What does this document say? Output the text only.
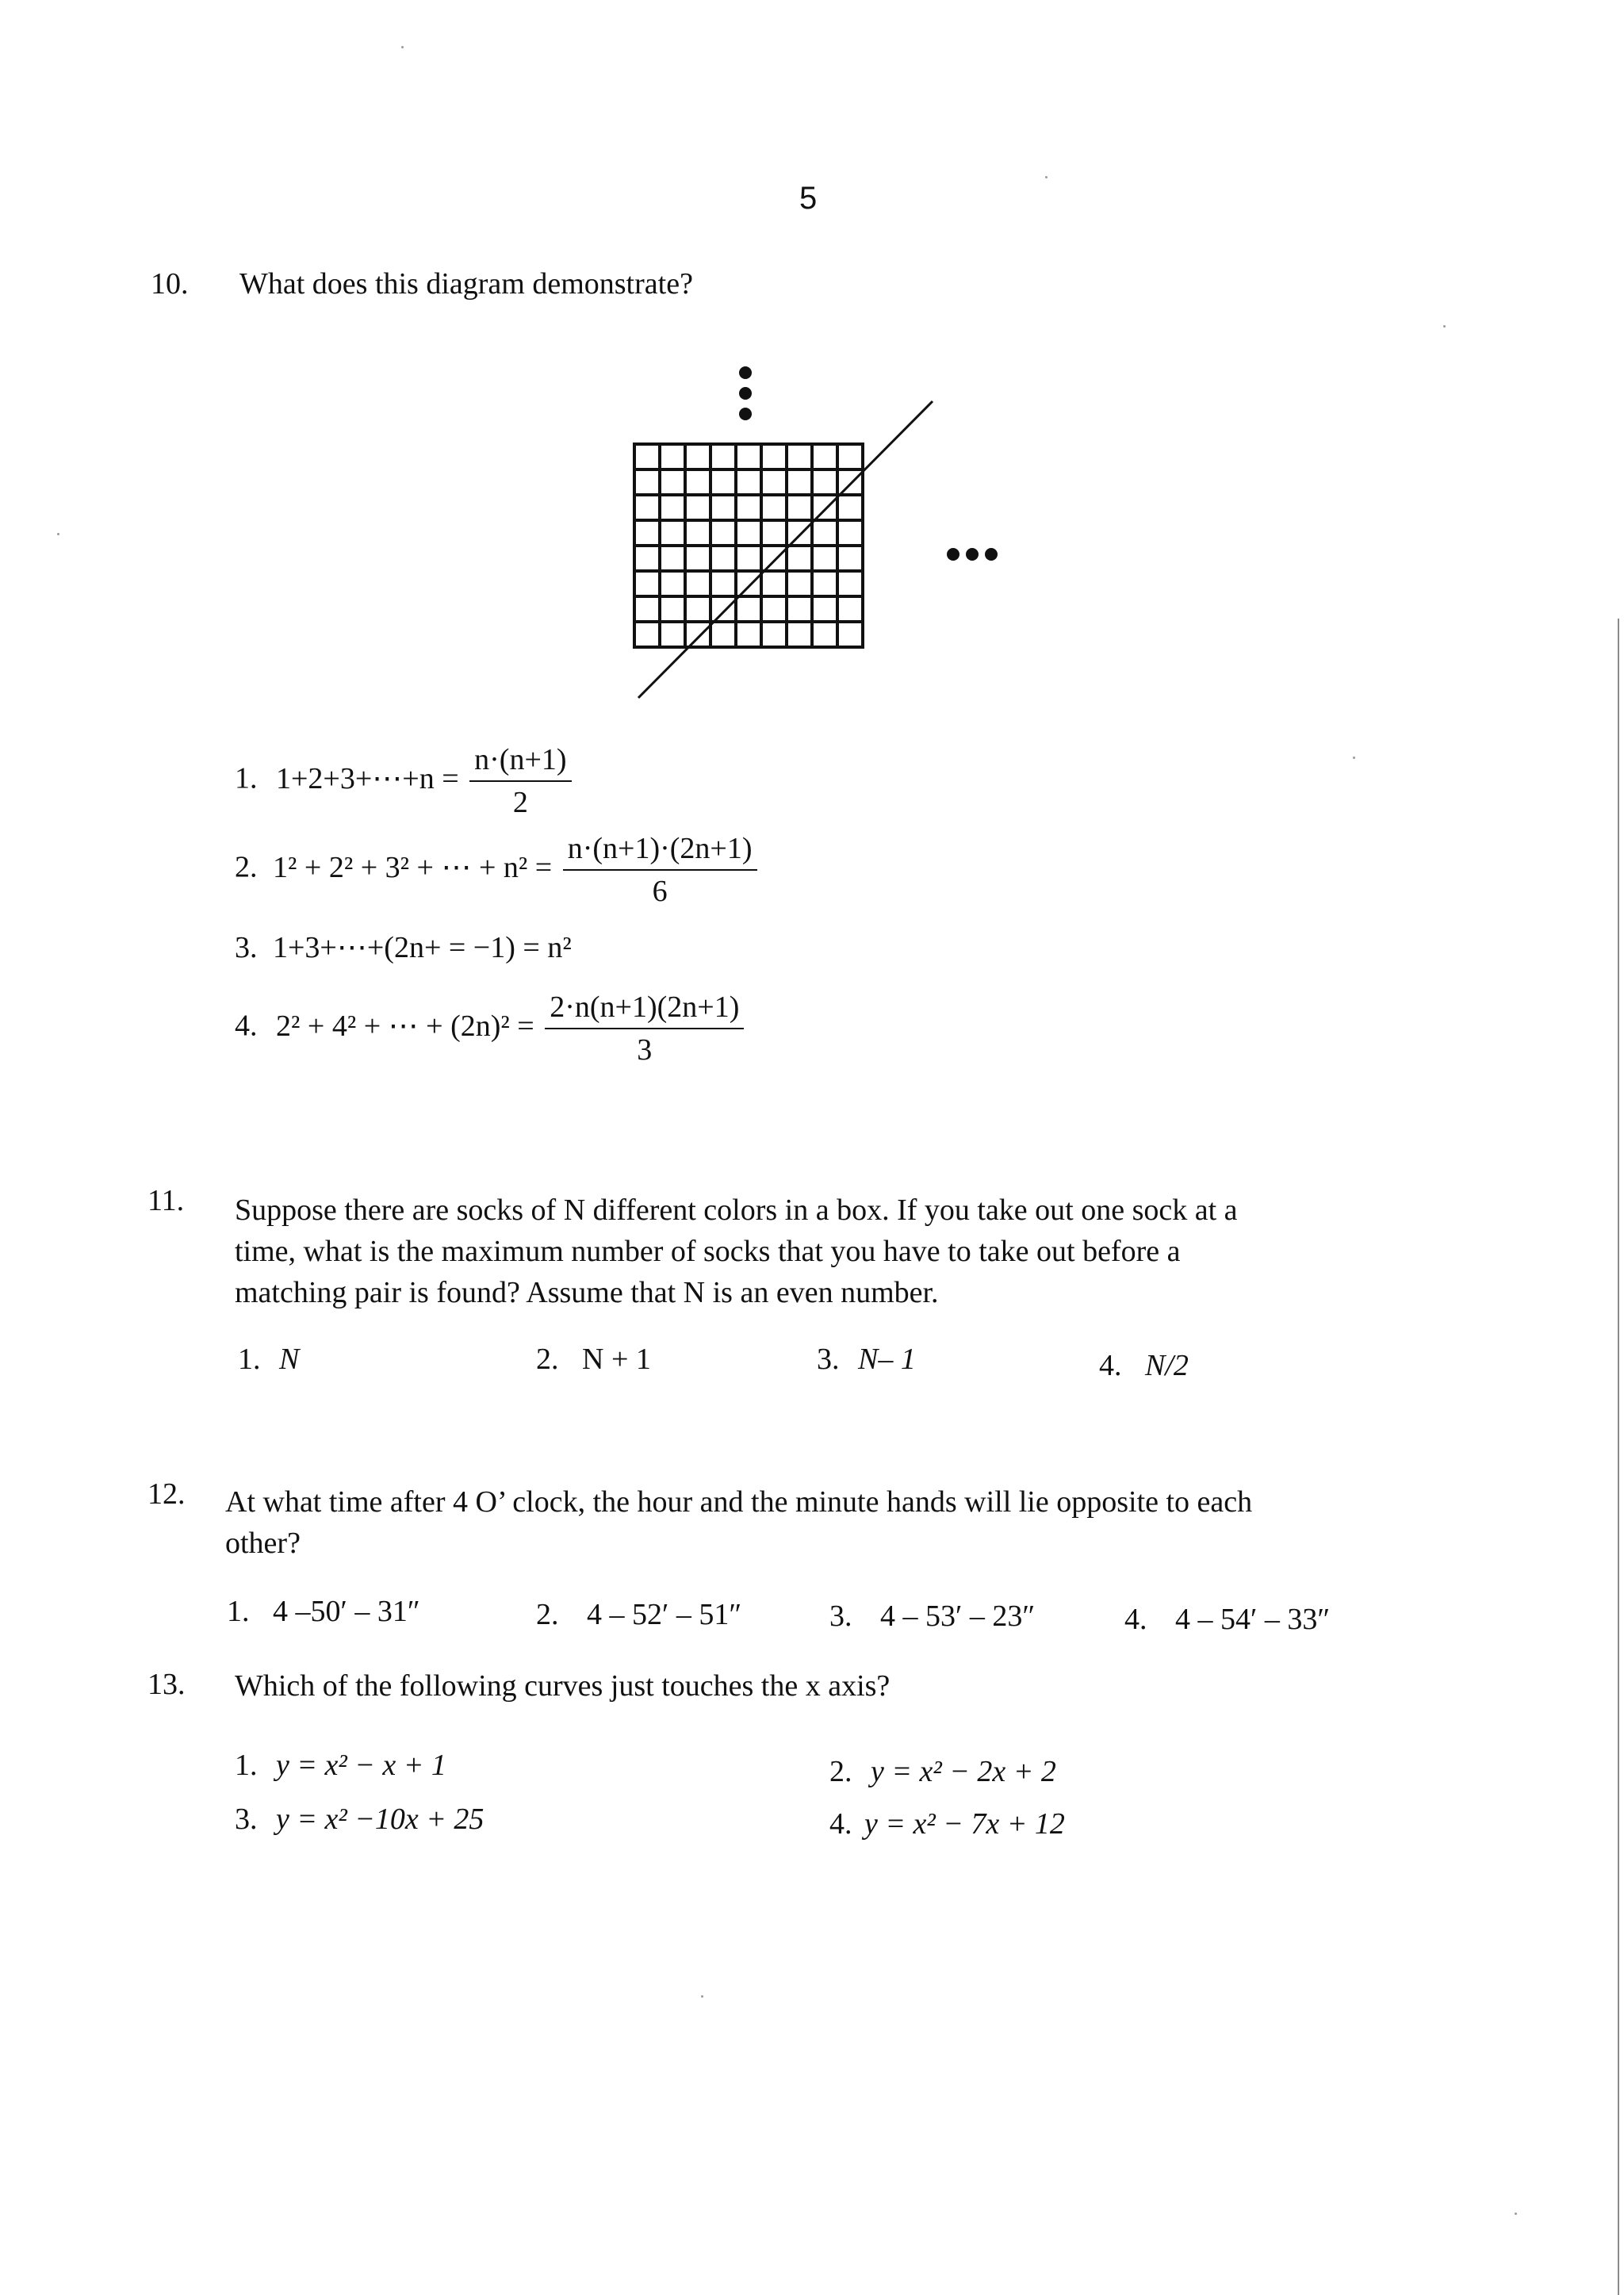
5
10. What does this diagram demonstrate?
1. 1+2+3+⋯+n = $\frac{n\cdot(n+1)}{2}$
2. 1² + 2² + 3² + ⋯ + $n^2 = \frac{n\cdot(n+1)\cdot(2n+1)}{6}$
3. 1+3+⋯+(2n+ = −1) = n²
4. 2² + 4² + ⋯ + $(2n)^2 = \frac{2\cdot n(n+1)(2n+1)}{3}$
11. Suppose there are socks of N different colors in a box. If you take out one sock at a
time, what is the maximum number of socks that you have to take out before a
matching pair is found? Assume that N is an even number.
1. N	2. N + 1	3. N– 1	4. N/2
12. At what time after 4 O’ clock, the hour and the minute hands will lie opposite to each
other?
1. 4 –50′ – 31″	2. 4 – 52′ – 51″	3. 4 – 53′ – 23″	4. 4 – 54′ – 33″
13. Which of the following curves just touches the x axis?
1. y = x² − x + 1	2. y = x² − 2x + 2
3. y = x² −10x + 25	4. y = x² − 7x + 12
